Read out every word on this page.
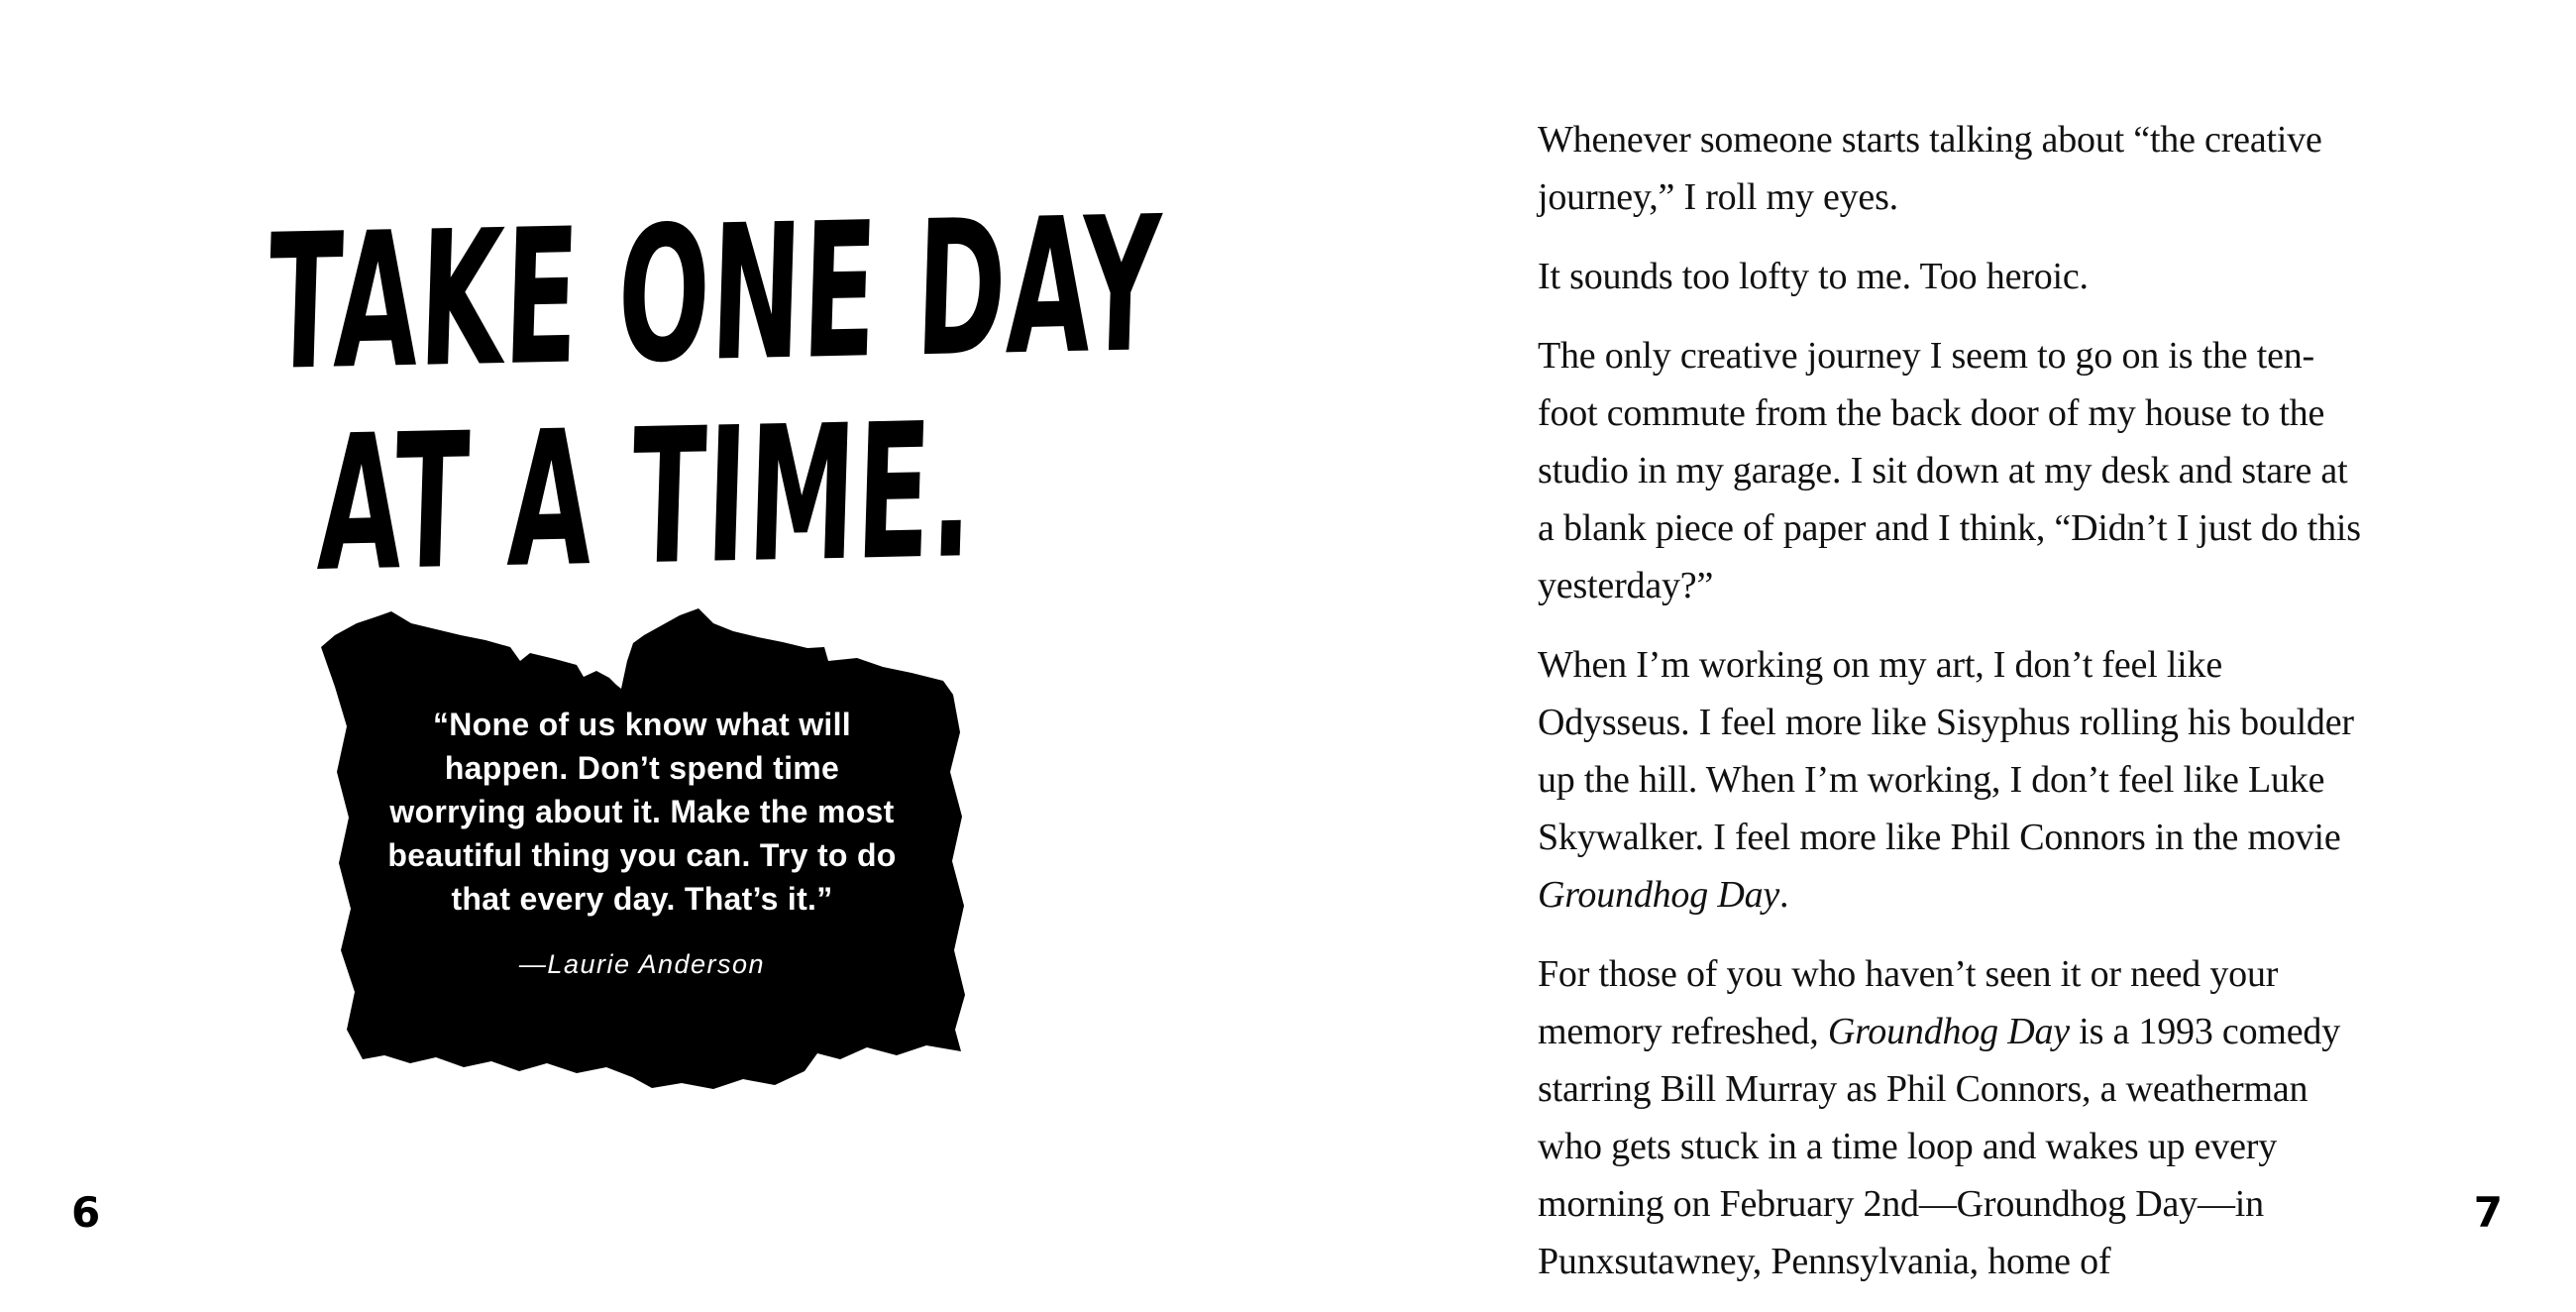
TAKE ONE DAY
AT A TIME.
“None of us know what will
happen. Don’t spend time
worrying about it. Make the most
beautiful thing you can. Try to do
that every day. That’s it.”
—Laurie Anderson
6

Whenever someone starts talking about “the creative journey,” I roll my eyes.

It sounds too lofty to me. Too heroic.

The only creative journey I seem to go on is the ten-foot commute from the back door of my house to the studio in my garage. I sit down at my desk and stare at a blank piece of paper and I think, “Didn’t I just do this yesterday?”

When I’m working on my art, I don’t feel like Odysseus. I feel more like Sisyphus rolling his boulder up the hill. When I’m working, I don’t feel like Luke Skywalker. I feel more like Phil Connors in the movie Groundhog Day.

For those of you who haven’t seen it or need your memory refreshed, Groundhog Day is a 1993 comedy starring Bill Murray as Phil Connors, a weatherman who gets stuck in a time loop and wakes up every morning on February 2nd—Groundhog Day—in Punxsutawney, Pennsylvania, home of

7
